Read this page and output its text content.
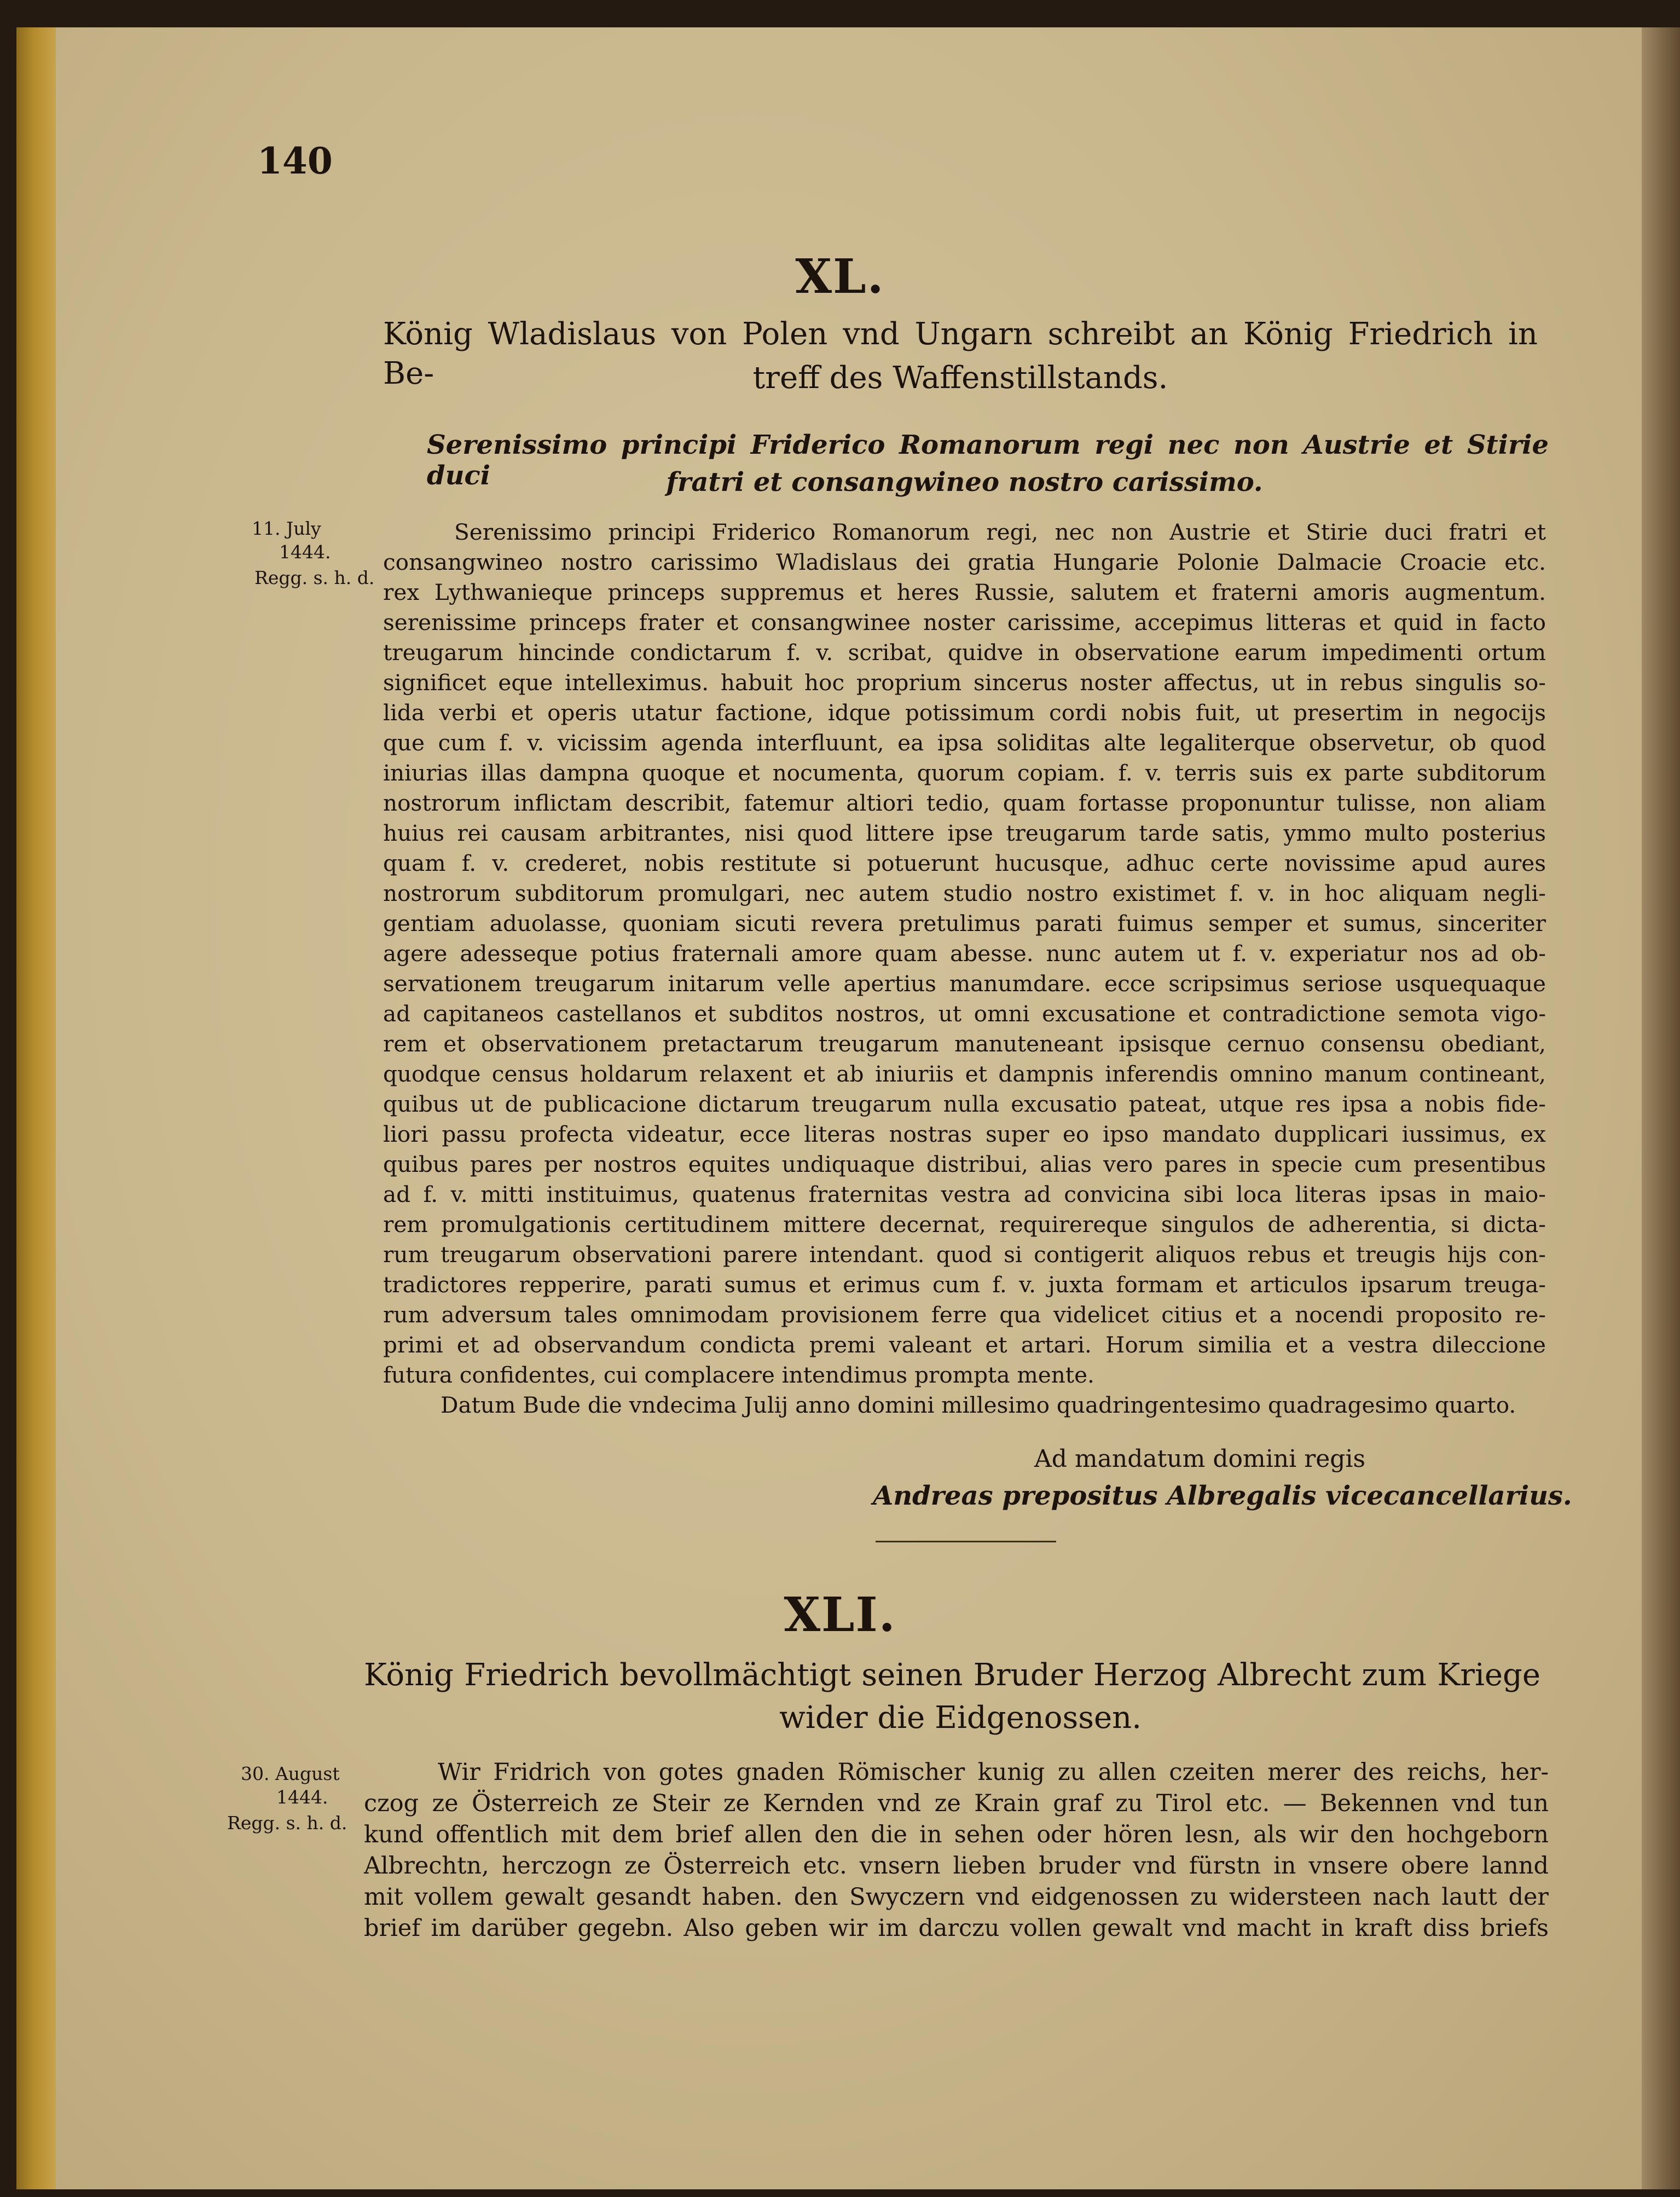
140
XL.
König Wladislaus von Polen vnd Ungarn schreibt an König Friedrich in Be-	treff des Waffenstillstands.
Serenissimo principi Friderico Romanorum regi nec non Austrie et Stirie duci	fratri et consangwineo nostro carissimo.
11. July
1444.
Regg. s. h. d.
Serenissimo principi Friderico Romanorum regi, nec non Austrie et Stirie duci fratri et
consangwineo nostro carissimo Wladislaus dei gratia Hungarie Polonie Dalmacie Croacie etc.
rex Lythwanieque princeps suppremus et heres Russie, salutem et fraterni amoris augmentum.
serenissime princeps frater et consangwinee noster carissime, accepimus litteras et quid in facto
treugarum hincinde condictarum f. v. scribat, quidve in observatione earum impedimenti ortum
significet eque intelleximus. habuit hoc proprium sincerus noster affectus, ut in rebus singulis so-
lida verbi et operis utatur factione, idque potissimum cordi nobis fuit, ut presertim in negocijs
que cum f. v. vicissim agenda interfluunt, ea ipsa soliditas alte legaliterque observetur, ob quod
iniurias illas dampna quoque et nocumenta, quorum copiam. f. v. terris suis ex parte subditorum
nostrorum inflictam describit, fatemur altiori tedio, quam fortasse proponuntur tulisse, non aliam
huius rei causam arbitrantes, nisi quod littere ipse treugarum tarde satis, ymmo multo posterius
quam f. v. crederet, nobis restitute si potuerunt hucusque, adhuc certe novissime apud aures
nostrorum subditorum promulgari, nec autem studio nostro existimet f. v. in hoc aliquam negli-
gentiam aduolasse, quoniam sicuti revera pretulimus parati fuimus semper et sumus, sinceriter
agere adesseque potius fraternali amore quam abesse. nunc autem ut f. v. experiatur nos ad ob-
servationem treugarum initarum velle apertius manumdare. ecce scripsimus seriose usquequaque
ad capitaneos castellanos et subditos nostros, ut omni excusatione et contradictione semota vigo-
rem et observationem pretactarum treugarum manuteneant ipsisque cernuo consensu obediant,
quodque census holdarum relaxent et ab iniuriis et dampnis inferendis omnino manum contineant,
quibus ut de publicacione dictarum treugarum nulla excusatio pateat, utque res ipsa a nobis fide-
liori passu profecta videatur, ecce literas nostras super eo ipso mandato dupplicari iussimus, ex
quibus pares per nostros equites undiquaque distribui, alias vero pares in specie cum presentibus
ad f. v. mitti instituimus, quatenus fraternitas vestra ad convicina sibi loca literas ipsas in maio-
rem promulgationis certitudinem mittere decernat, requirereque singulos de adherentia, si dicta-
rum treugarum observationi parere intendant. quod si contigerit aliquos rebus et treugis hijs con-
tradictores repperire, parati sumus et erimus cum f. v. juxta formam et articulos ipsarum treuga-
rum adversum tales omnimodam provisionem ferre qua videlicet citius et a nocendi proposito re-
primi et ad observandum condicta premi valeant et artari. Horum similia et a vestra dileccione
futura confidentes, cui complacere intendimus prompta mente.
Datum Bude die vndecima Julij anno domini millesimo quadringentesimo quadragesimo quarto.
Ad mandatum domini regis
Andreas prepositus Albregalis vicecancellarius.
XLI.
König Friedrich bevollmächtigt seinen Bruder Herzog Albrecht zum Kriege
wider die Eidgenossen.
30. August
1444.
Regg. s. h. d.
Wir Fridrich von gotes gnaden Römischer kunig zu allen czeiten merer des reichs, her-
czog ze Österreich ze Steir ze Kernden vnd ze Krain graf zu Tirol etc. — Bekennen vnd tun
kund offentlich mit dem brief allen den die in sehen oder hören lesn, als wir den hochgeborn
Albrechtn, herczogn ze Österreich etc. vnsern lieben bruder vnd fürstn in vnsere obere lannd
mit vollem gewalt gesandt haben. den Swyczern vnd eidgenossen zu widersteen nach lautt der
brief im darüber gegebn. Also geben wir im darczu vollen gewalt vnd macht in kraft diss briefs
